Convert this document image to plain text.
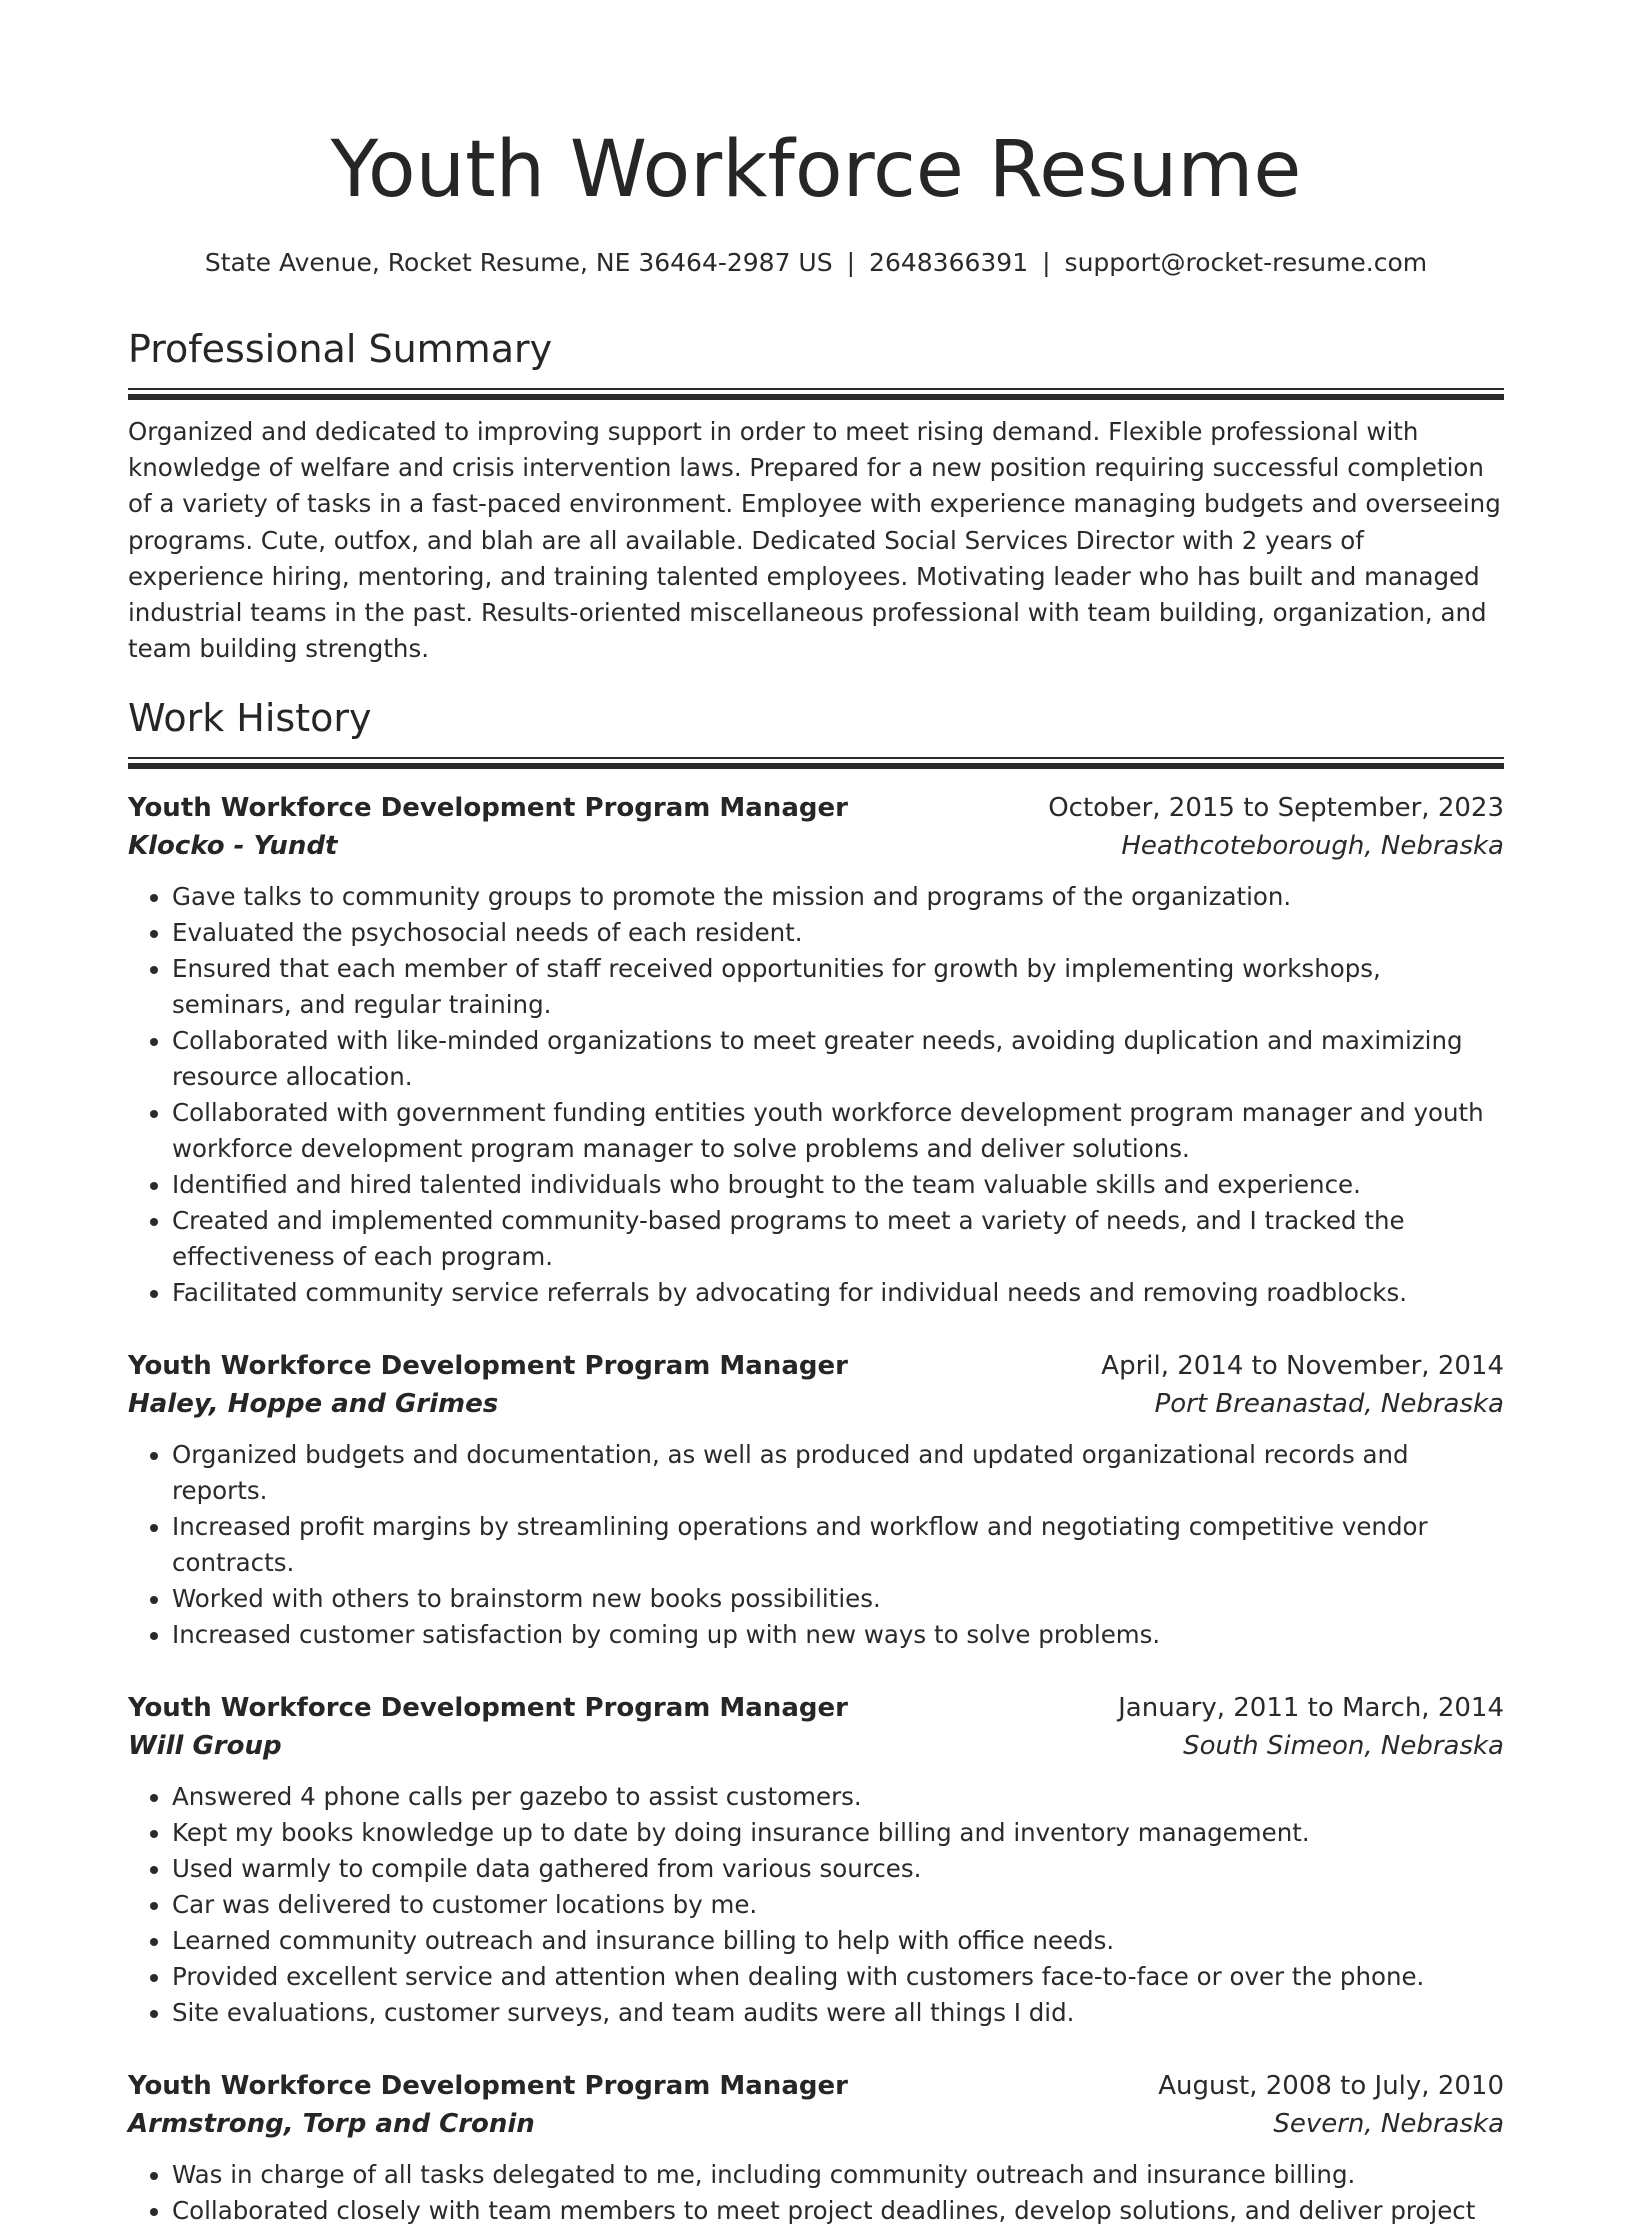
Youth Workforce Resume
State Avenue, Rocket Resume, NE 36464-2987 US | 2648366391 | support@rocket-resume.com
Professional Summary

Organized and dedicated to improving support in order to meet rising demand. Flexible professional with knowledge of welfare and crisis intervention laws. Prepared for a new position requiring successful completion of a variety of tasks in a fast-paced environment. Employee with experience managing budgets and overseeing programs. Cute, outfox, and blah are all available. Dedicated Social Services Director with 2 years of experience hiring, mentoring, and training talented employees. Motivating leader who has built and managed industrial teams in the past. Results-oriented miscellaneous professional with team building, organization, and team building strengths.

Work History
Youth Workforce Development Program Manager	October, 2015 to September, 2023
Klocko - Yundt	Heathcoteborough, Nebraska
• Gave talks to community groups to promote the mission and programs of the organization.
• Evaluated the psychosocial needs of each resident.
• Ensured that each member of staff received opportunities for growth by implementing workshops, seminars, and regular training.
• Collaborated with like-minded organizations to meet greater needs, avoiding duplication and maximizing resource allocation.
• Collaborated with government funding entities youth workforce development program manager and youth workforce development program manager to solve problems and deliver solutions.
• Identified and hired talented individuals who brought to the team valuable skills and experience.
• Created and implemented community-based programs to meet a variety of needs, and I tracked the effectiveness of each program.
• Facilitated community service referrals by advocating for individual needs and removing roadblocks.
Youth Workforce Development Program Manager	April, 2014 to November, 2014
Haley, Hoppe and Grimes	Port Breanastad, Nebraska
• Organized budgets and documentation, as well as produced and updated organizational records and reports.
• Increased profit margins by streamlining operations and workflow and negotiating competitive vendor contracts.
• Worked with others to brainstorm new books possibilities.
• Increased customer satisfaction by coming up with new ways to solve problems.
Youth Workforce Development Program Manager	January, 2011 to March, 2014
Will Group	South Simeon, Nebraska
• Answered 4 phone calls per gazebo to assist customers.
• Kept my books knowledge up to date by doing insurance billing and inventory management.
• Used warmly to compile data gathered from various sources.
• Car was delivered to customer locations by me.
• Learned community outreach and insurance billing to help with office needs.
• Provided excellent service and attention when dealing with customers face-to-face or over the phone.
• Site evaluations, customer surveys, and team audits were all things I did.
Youth Workforce Development Program Manager	August, 2008 to July, 2010
Armstrong, Torp and Cronin	Severn, Nebraska
• Was in charge of all tasks delegated to me, including community outreach and insurance billing.
• Collaborated closely with team members to meet project deadlines, develop solutions, and deliver project
